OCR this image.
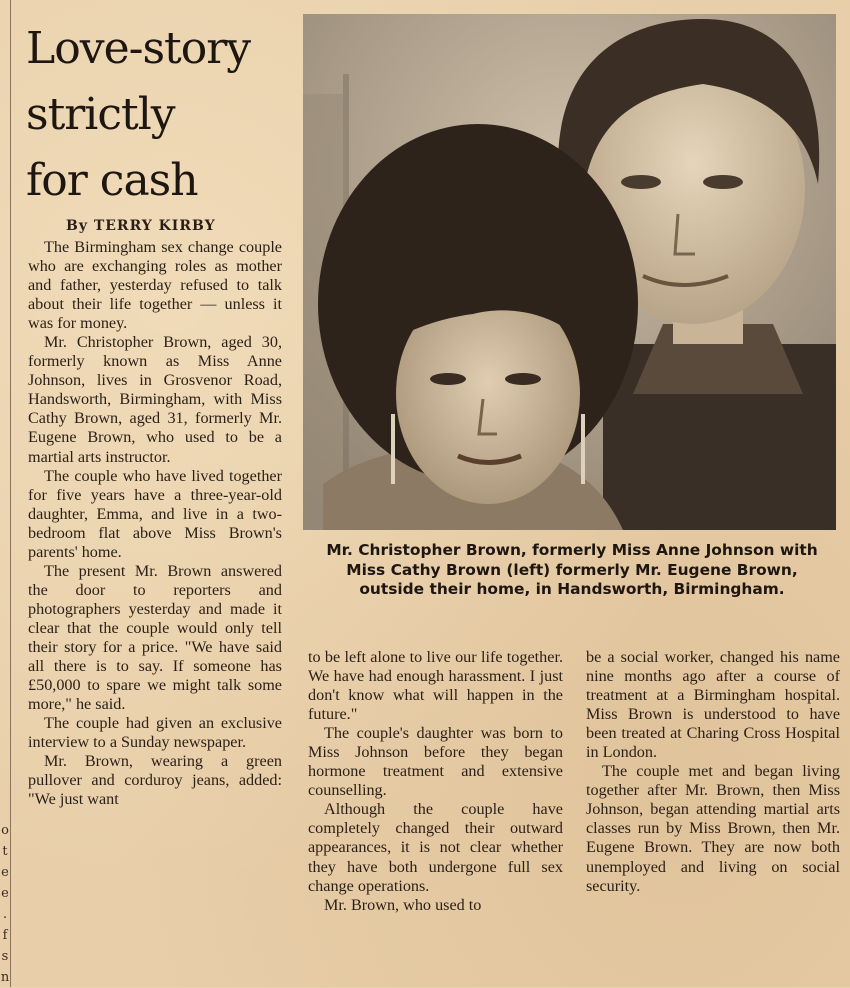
o
t
e
e
.
f
s
n
Love-story
strictly
for cash
By TERRY KIRBY

The Birmingham sex change couple who are exchanging roles as mother and father, yesterday refused to talk about their life together — unless it was for money.

Mr. Christopher Brown, aged 30, formerly known as Miss Anne Johnson, lives in Grosvenor Road, Handsworth, Birmingham, with Miss Cathy Brown, aged 31, formerly Mr. Eugene Brown, who used to be a martial arts instructor.

The couple who have lived together for five years have a three-year-old daughter, Emma, and live in a two-bedroom flat above Miss Brown's parents' home.

The present Mr. Brown answered the door to reporters and photographers yesterday and made it clear that the couple would only tell their story for a price. "We have said all there is to say. If someone has £50,000 to spare we might talk some more," he said.

The couple had given an exclusive interview to a Sunday newspaper.

Mr. Brown, wearing a green pullover and corduroy jeans, added: "We just want

Mr. Christopher Brown, formerly Miss Anne Johnson with Miss Cathy Brown (left) formerly Mr. Eugene Brown, outside their home, in Handsworth, Birmingham.

to be left alone to live our life together. We have had enough harassment. I just don't know what will happen in the future."

The couple's daughter was born to Miss Johnson before they began hormone treatment and extensive counselling.

Although the couple have completely changed their outward appearances, it is not clear whether they have both undergone full sex change operations.

Mr. Brown, who used to

be a social worker, changed his name nine months ago after a course of treatment at a Birmingham hospital. Miss Brown is understood to have been treated at Charing Cross Hospital in London.

The couple met and began living together after Mr. Brown, then Miss Johnson, began attending martial arts classes run by Miss Brown, then Mr. Eugene Brown. They are now both unemployed and living on social security.
